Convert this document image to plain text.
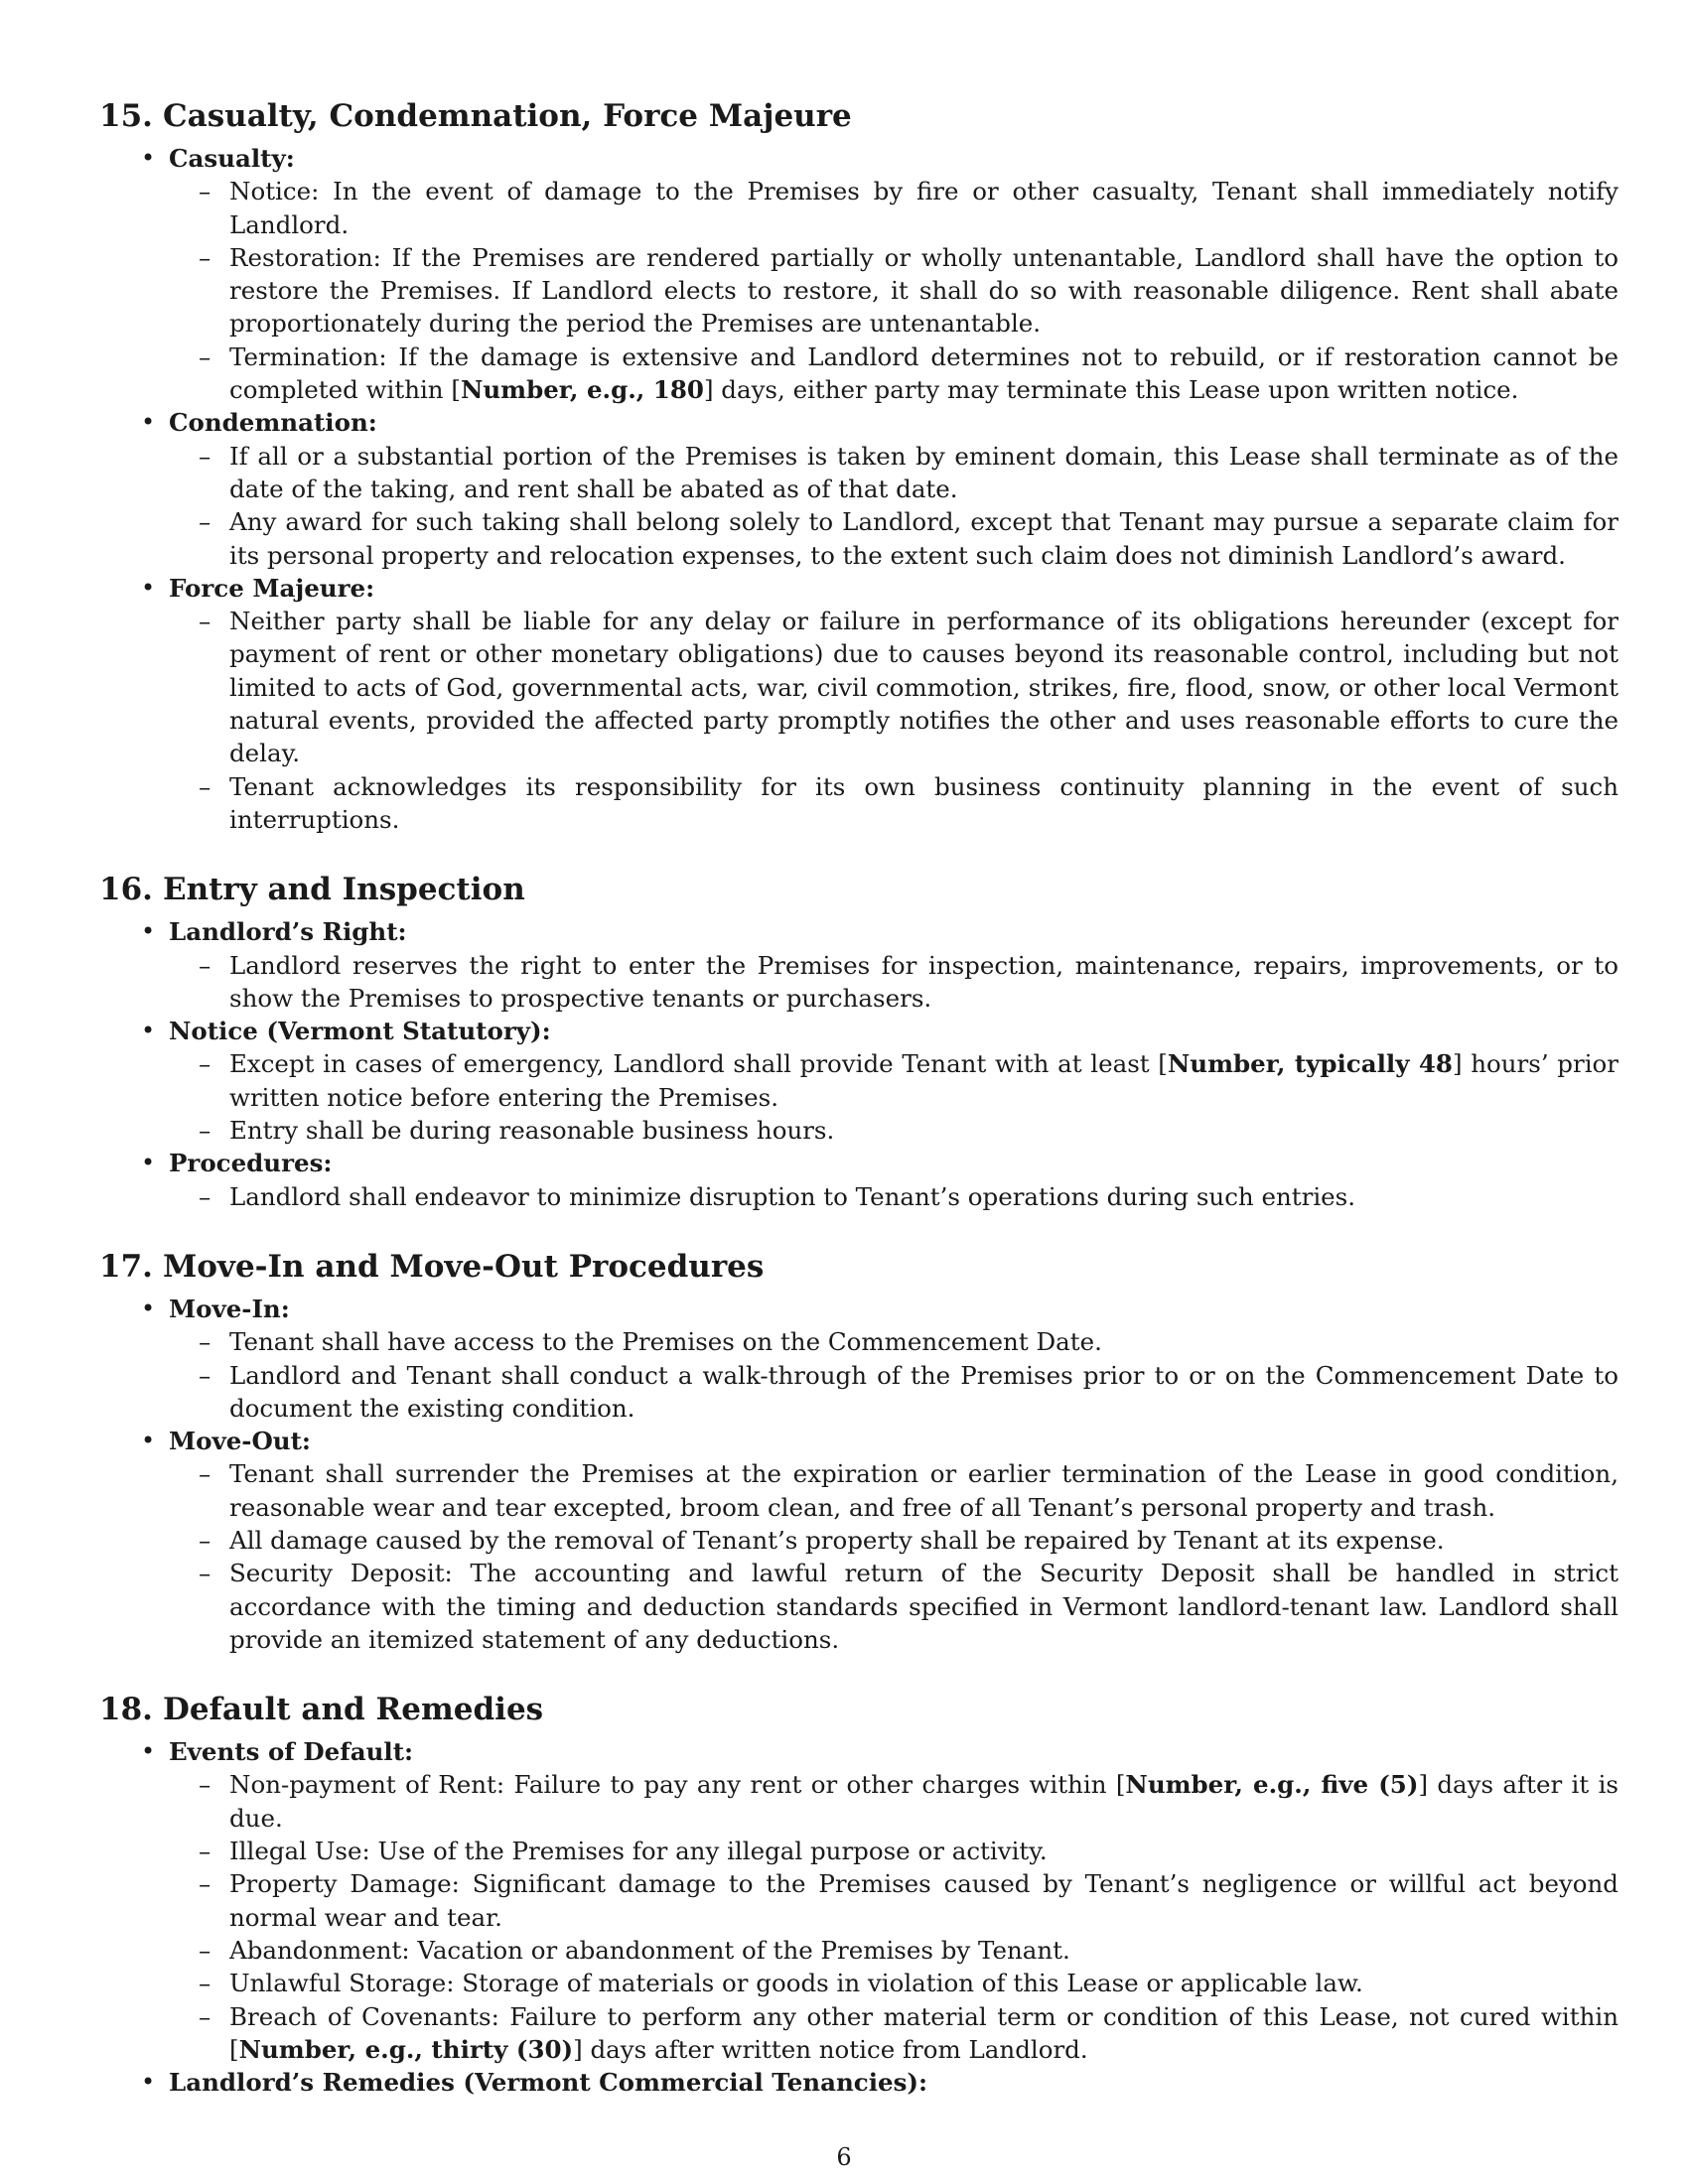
15. Casualty, Condemnation, Force Majeure
• Casualty:
– Notice: In the event of damage to the Premises by fire or other casualty, Tenant shall immediately notify Landlord.
– Restoration: If the Premises are rendered partially or wholly untenantable, Landlord shall have the option to restore the Premises. If Landlord elects to restore, it shall do so with reasonable diligence. Rent shall abate proportionately during the period the Premises are untenantable.
– Termination: If the damage is extensive and Landlord determines not to rebuild, or if restoration cannot be completed within [Number, e.g., 180] days, either party may terminate this Lease upon written notice.
• Condemnation:
– If all or a substantial portion of the Premises is taken by eminent domain, this Lease shall terminate as of the date of the taking, and rent shall be abated as of that date.
– Any award for such taking shall belong solely to Landlord, except that Tenant may pursue a separate claim for its personal property and relocation expenses, to the extent such claim does not diminish Landlord’s award.
• Force Majeure:
– Neither party shall be liable for any delay or failure in performance of its obligations hereunder (except for payment of rent or other monetary obligations) due to causes beyond its reasonable control, including but not limited to acts of God, governmental acts, war, civil commotion, strikes, fire, flood, snow, or other local Vermont natural events, provided the affected party promptly notifies the other and uses reasonable efforts to cure the delay.
– Tenant acknowledges its responsibility for its own business continuity planning in the event of such interruptions.
16. Entry and Inspection
• Landlord’s Right:
– Landlord reserves the right to enter the Premises for inspection, maintenance, repairs, improvements, or to show the Premises to prospective tenants or purchasers.
• Notice (Vermont Statutory):
– Except in cases of emergency, Landlord shall provide Tenant with at least [Number, typically 48] hours’ prior written notice before entering the Premises.
– Entry shall be during reasonable business hours.
• Procedures:
– Landlord shall endeavor to minimize disruption to Tenant’s operations during such entries.
17. Move-In and Move-Out Procedures
• Move-In:
– Tenant shall have access to the Premises on the Commencement Date.
– Landlord and Tenant shall conduct a walk-through of the Premises prior to or on the Commencement Date to document the existing condition.
• Move-Out:
– Tenant shall surrender the Premises at the expiration or earlier termination of the Lease in good condition, reasonable wear and tear excepted, broom clean, and free of all Tenant’s personal property and trash.
– All damage caused by the removal of Tenant’s property shall be repaired by Tenant at its expense.
– Security Deposit: The accounting and lawful return of the Security Deposit shall be handled in strict accordance with the timing and deduction standards specified in Vermont landlord-tenant law. Landlord shall provide an itemized statement of any deductions.
18. Default and Remedies
• Events of Default:
– Non-payment of Rent: Failure to pay any rent or other charges within [Number, e.g., five (5)] days after it is due.
– Illegal Use: Use of the Premises for any illegal purpose or activity.
– Property Damage: Significant damage to the Premises caused by Tenant’s negligence or willful act beyond normal wear and tear.
– Abandonment: Vacation or abandonment of the Premises by Tenant.
– Unlawful Storage: Storage of materials or goods in violation of this Lease or applicable law.
– Breach of Covenants: Failure to perform any other material term or condition of this Lease, not cured within [Number, e.g., thirty (30)] days after written notice from Landlord.
• Landlord’s Remedies (Vermont Commercial Tenancies):
6
